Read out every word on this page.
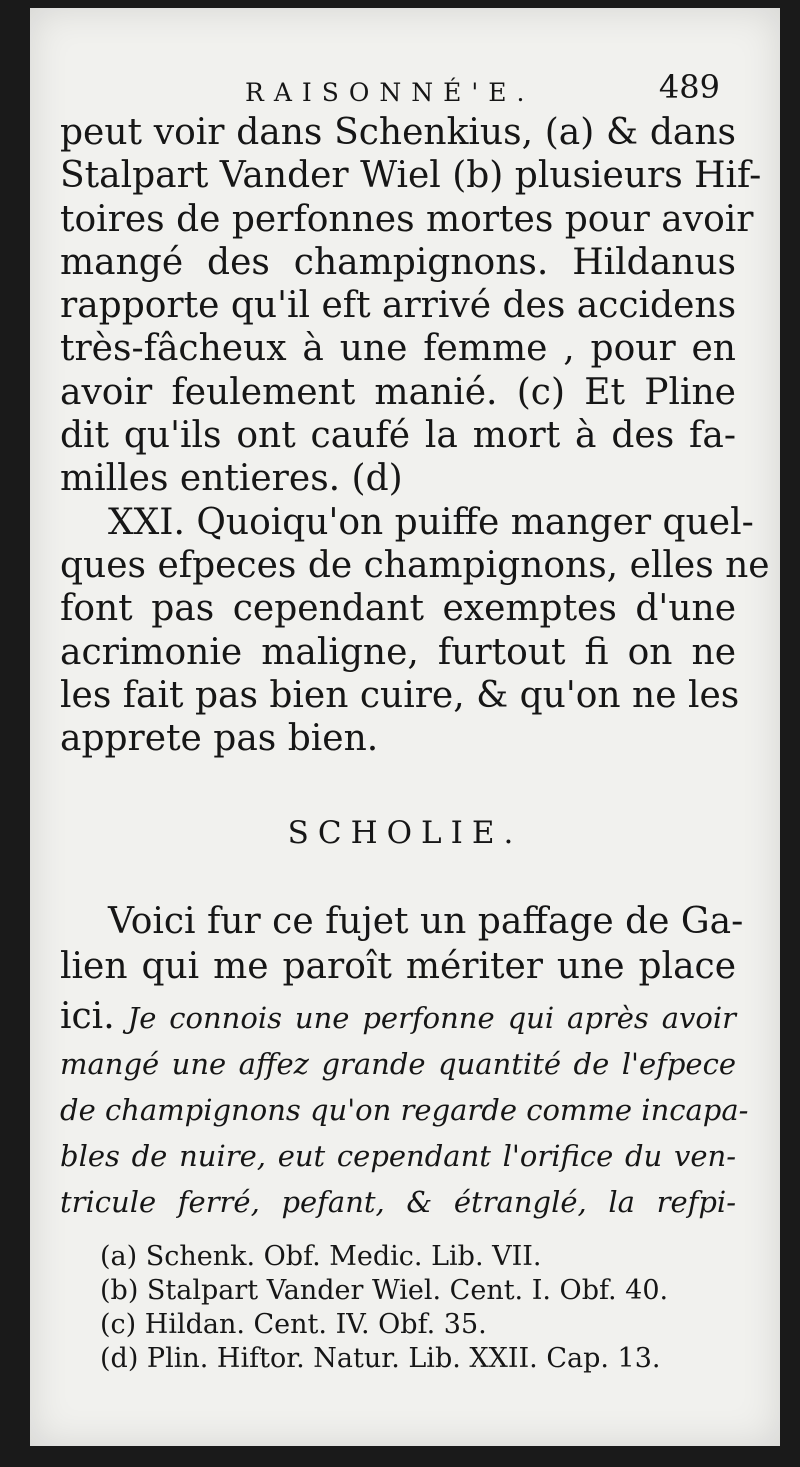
RAISONNÉ'E.	489
peut voir dans Schenkius, (a) & dans
Stalpart Vander Wiel (b) plusieurs Hif-
toires de perfonnes mortes pour avoir
mangé des champignons. Hildanus
rapporte qu'il eft arrivé des accidens
très-fâcheux à une femme , pour en
avoir feulement manié. (c) Et Pline
dit qu'ils ont caufé la mort à des fa-
milles entieres. (d)
XXI. Quoiqu'on puiffe manger quel-
ques efpeces de champignons, elles ne
font pas cependant exemptes d'une
acrimonie maligne, furtout fi on ne
les fait pas bien cuire, & qu'on ne les
apprete pas bien.
SCHOLIE.
Voici fur ce fujet un paffage de Ga-
lien qui me paroît mériter une place
ici. Je connois une perfonne qui après avoir
mangé une affez grande quantité de l'efpece
de champignons qu'on regarde comme incapa-
bles de nuire, eut cependant l'orifice du ven-
tricule ferré, pefant, & étranglé, la refpi-
(a) Schenk. Obf. Medic. Lib. VII.
(b) Stalpart Vander Wiel. Cent. I. Obf. 40.
(c) Hildan. Cent. IV. Obf. 35.
(d) Plin. Hiftor. Natur. Lib. XXII. Cap. 13.
